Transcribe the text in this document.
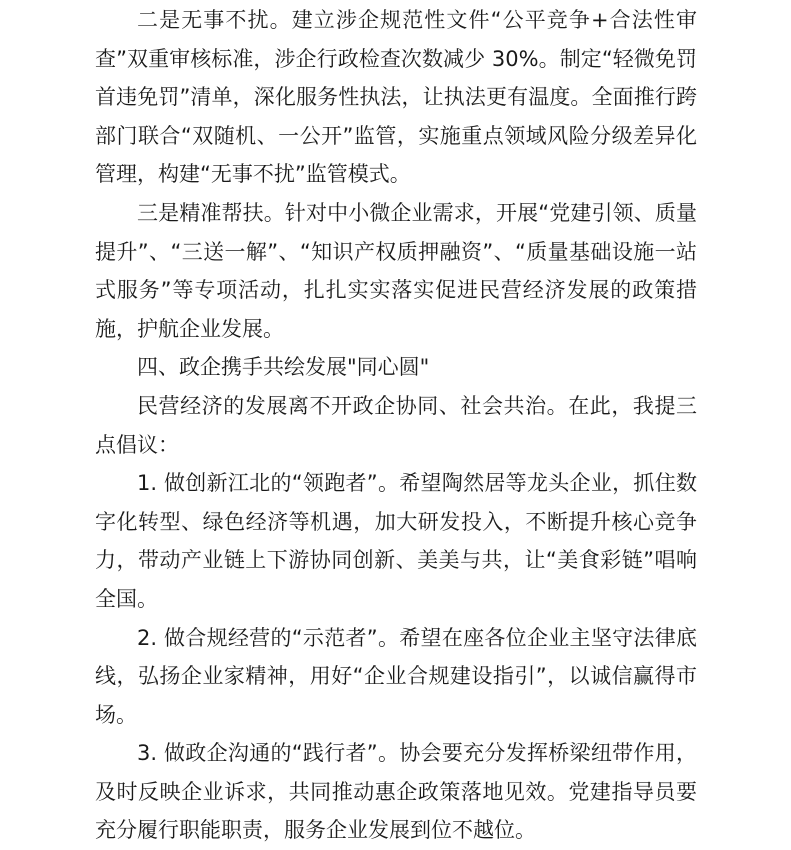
二是无事不扰。建立涉企规范性文件“公平竞争+合法性审查”双重审核标准，涉企行政检查次数减少 30%。制定“轻微免罚首违免罚”清单，深化服务性执法，让执法更有温度。全面推行跨部门联合“双随机、一公开”监管，实施重点领域风险分级差异化管理，构建“无事不扰”监管模式。

三是精准帮扶。针对中小微企业需求，开展“党建引领、质量提升”、“三送一解”、“知识产权质押融资”、“质量基础设施一站式服务”等专项活动，扎扎实实落实促进民营经济发展的政策措施，护航企业发展。

四、政企携手共绘发展"同心圆"

民营经济的发展离不开政企协同、社会共治。在此，我提三点倡议：

1. 做创新江北的“领跑者”。希望陶然居等龙头企业，抓住数字化转型、绿色经济等机遇，加大研发投入，不断提升核心竞争力，带动产业链上下游协同创新、美美与共，让“美食彩链”唱响全国。

2. 做合规经营的“示范者”。希望在座各位企业主坚守法律底线，弘扬企业家精神，用好“企业合规建设指引”，以诚信赢得市场。

3. 做政企沟通的“践行者”。协会要充分发挥桥梁纽带作用，及时反映企业诉求，共同推动惠企政策落地见效。党建指导员要充分履行职能职责，服务企业发展到位不越位。
